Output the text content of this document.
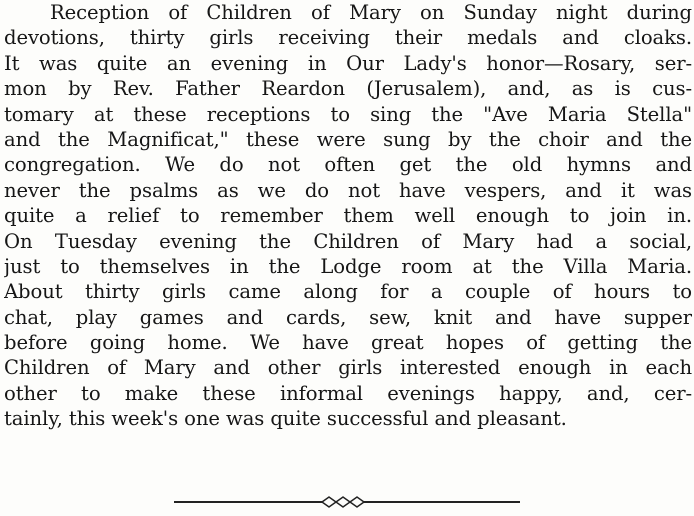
Reception of Children of Mary on Sunday night during
devotions, thirty girls receiving their medals and cloaks.
It was quite an evening in Our Lady's honor—Rosary, ser-
mon by Rev. Father Reardon (Jerusalem), and, as is cus-
tomary at these receptions to sing the "Ave Maria Stella"
and the Magnificat," these were sung by the choir and the
congregation. We do not often get the old hymns and
never the psalms as we do not have vespers, and it was
quite a relief to remember them well enough to join in.
On Tuesday evening the Children of Mary had a social,
just to themselves in the Lodge room at the Villa Maria.
About thirty girls came along for a couple of hours to
chat, play games and cards, sew, knit and have supper
before going home. We have great hopes of getting the
Children of Mary and other girls interested enough in each
other to make these informal evenings happy, and, cer-
tainly, this week's one was quite successful and pleasant.
